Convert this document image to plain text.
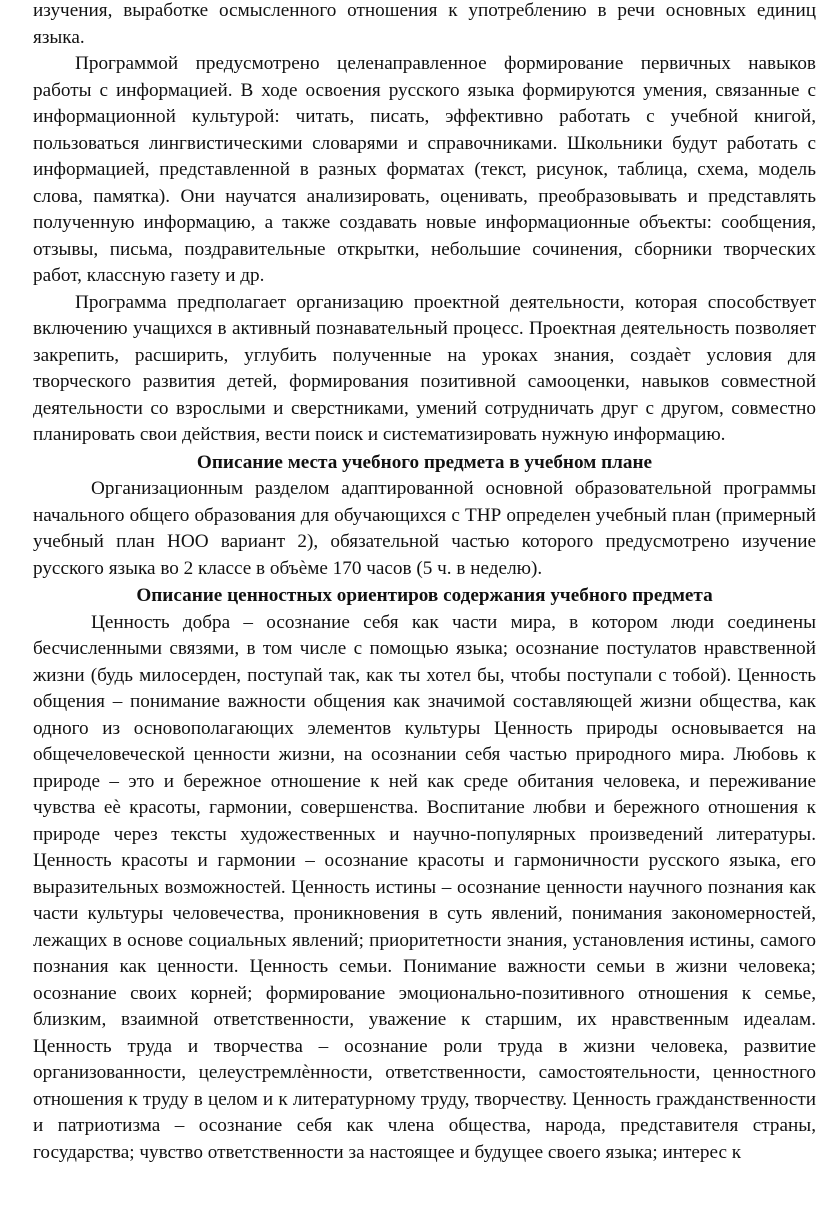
изучения, выработке осмысленного отношения к употреблению в речи основных единиц языка.

Программой предусмотрено целенаправленное формирование первичных навыков работы с информацией. В ходе освоения русского языка формируются умения, связанные с информационной культурой: читать, писать, эффективно работать с учебной книгой, пользоваться лингвистическими словарями и справочниками. Школьники будут работать с информацией, представленной в разных форматах (текст, рисунок, таблица, схема, модель слова, памятка). Они научатся анализировать, оценивать, преобразовывать и представлять полученную информацию, а также создавать новые информационные объекты: сообщения, отзывы, письма, поздравительные открытки, небольшие сочинения, сборники творческих работ, классную газету и др.

Программа предполагает организацию проектной деятельности, которая способствует включению учащихся в активный познавательный процесс. Проектная деятельность позволяет закрепить, расширить, углубить полученные на уроках знания, создаѐт условия для творческого развития детей, формирования позитивной самооценки, навыков совместной деятельности со взрослыми и сверстниками, умений сотрудничать друг с другом, совместно планировать свои действия, вести поиск и систематизировать нужную информацию.

Описание места учебного предмета в учебном плане

Организационным разделом адаптированной основной образовательной программы начального общего образования для обучающихся с ТНР определен учебный план (примерный учебный план НОО вариант 2), обязательной частью которого предусмотрено изучение русского языка во 2 классе в объѐме 170 часов (5 ч. в неделю).

Описание ценностных ориентиров содержания учебного предмета

Ценность добра – осознание себя как части мира, в котором люди соединены бесчисленными связями, в том числе с помощью языка; осознание постулатов нравственной жизни (будь милосерден, поступай так, как ты хотел бы, чтобы поступали с тобой). Ценность общения – понимание важности общения как значимой составляющей жизни общества, как одного из основополагающих элементов культуры Ценность природы основывается на общечеловеческой ценности жизни, на осознании себя частью природного мира. Любовь к природе – это и бережное отношение к ней как среде обитания человека, и переживание чувства еѐ красоты, гармонии, совершенства. Воспитание любви и бережного отношения к природе через тексты художественных и научно-популярных произведений литературы. Ценность красоты и гармонии – осознание красоты и гармоничности русского языка, его выразительных возможностей. Ценность истины – осознание ценности научного познания как части культуры человечества, проникновения в суть явлений, понимания закономерностей, лежащих в основе социальных явлений; приоритетности знания, установления истины, самого познания как ценности. Ценность семьи. Понимание важности семьи в жизни человека; осознание своих корней; формирование эмоционально-позитивного отношения к семье, близким, взаимной ответственности, уважение к старшим, их нравственным идеалам. Ценность труда и творчества – осознание роли труда в жизни человека, развитие организованности, целеустремлѐнности, ответственности, самостоятельности, ценностного отношения к труду в целом и к литературному труду, творчеству. Ценность гражданственности и патриотизма – осознание себя как члена общества, народа, представителя страны, государства; чувство ответственности за настоящее и будущее своего языка; интерес к
